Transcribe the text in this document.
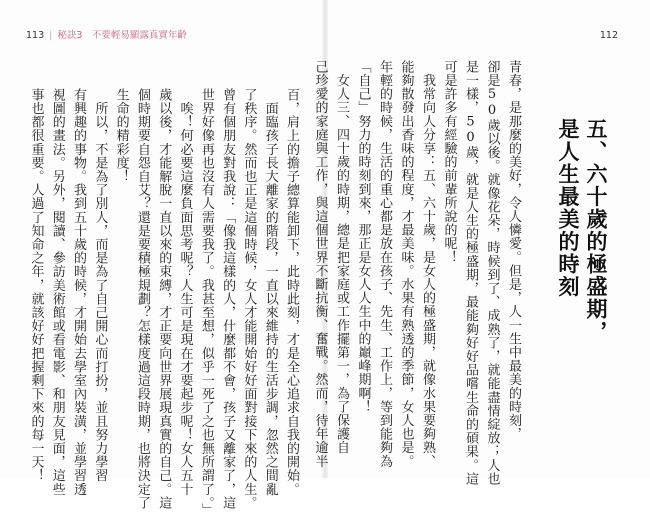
113 | 秘訣3　不要輕易顯露真實年齡
百，肩上的擔子總算能卸下，此時此刻，才是全心追求自我的開始。
　面臨孩子長大離家的階段，一直以來維持的生活步調，忽然之間亂
了秩序。然而也正是這個時候，女人才能開始好好面對接下來的人生。
曾有個朋友對我說：「像我這樣的人，什麼都不會，孩子又離家了，這
世界好像再也沒有人需要我了。我甚至想，似乎一死了之也無所謂了。」
　唉！何必要這麼負面思考呢？人生可是現在才要起步呢！女人五十
歲以後，才能解脫一直以來的束縛，才正要向世界展現真實的自己。這
個時期要自怨自艾？還是要積極規劃？怎樣度過這段時期，也將決定了
生命的精彩度！
　所以，不是為了別人，而是為了自己開心而打扮，並且努力學習
有興趣的事物。我到五十歲的時候，才開始去學室內裝潢，並學習透
視圖的畫法。另外，閱讀、參訪美術館或看電影、和朋友見面，這些
事也都很重要。人過了知命之年，就該好好把握剩下來的每一天！
112
五、六十歲的極盛期，
是人生最美的時刻
青春，是那麼的美好，令人憐愛。但是，人一生中最美的時刻，
卻是50歲以後。就像花朵，時候到了、成熟了，就能盡情綻放；人也
是一樣，50歲，就是人生的極盛期，最能夠好好品嚐生命的碩果。這
可是許多有經驗的前輩所說的呢！
　我常向人分享：五、六十歲，是女人的極盛期，就像水果要夠熟、
能夠散發出香味的程度，才最美味。水果有熟透的季節，女人也是。
年輕的時候，生活的重心都是放在孩子、先生、工作上，等到能夠為
「自己」努力的時刻到來，那正是女人人生中的巔峰期啊！
　女人三、四十歲的時期，總是把家庭或工作擺第一，為了保護自
己珍愛的家庭與工作，與這個世界不斷抗衡、奮戰。然而，待年逾半
